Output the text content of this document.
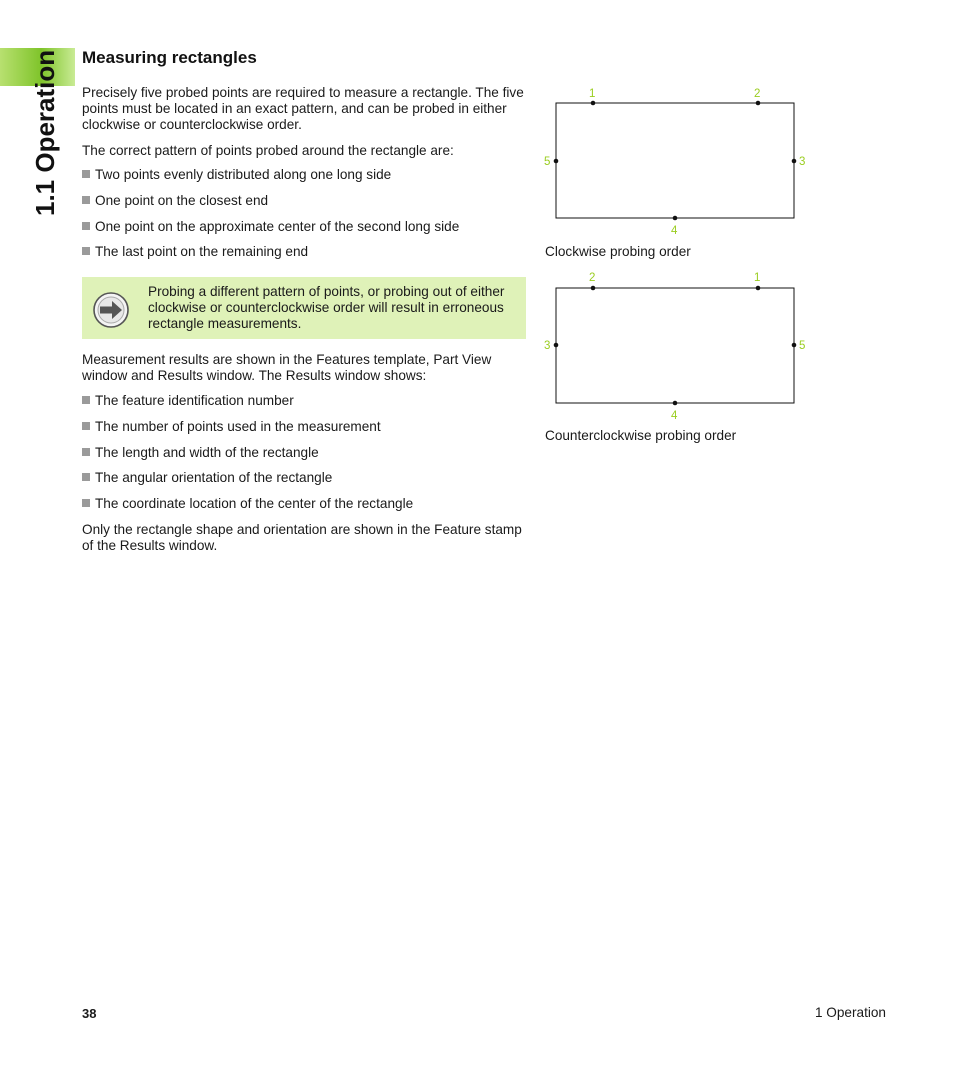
1.1 Operation Measuring rectangles

Precisely five probed points are required to measure a rectangle. The five points must be located in an exact pattern, and can be probed in either clockwise or counterclockwise order.

The correct pattern of points probed around the rectangle are:

Two points evenly distributed along one long side
One point on the closest end
One point on the approximate center of the second long side
The last point on the remaining end
Probing a different pattern of points, or probing out of either clockwise or counterclockwise order will result in erroneous rectangle measurements.

Measurement results are shown in the Features template, Part View window and Results window. The Results window shows:

The feature identification number
The number of points used in the measurement
The length and width of the rectangle
The angular orientation of the rectangle
The coordinate location of the center of the rectangle

Only the rectangle shape and orientation are shown in the Feature stamp of the Results window.

1	2
3
4
5
Clockwise probing order
2	1
3	5
4
Counterclockwise probing order
38	1 Operation
